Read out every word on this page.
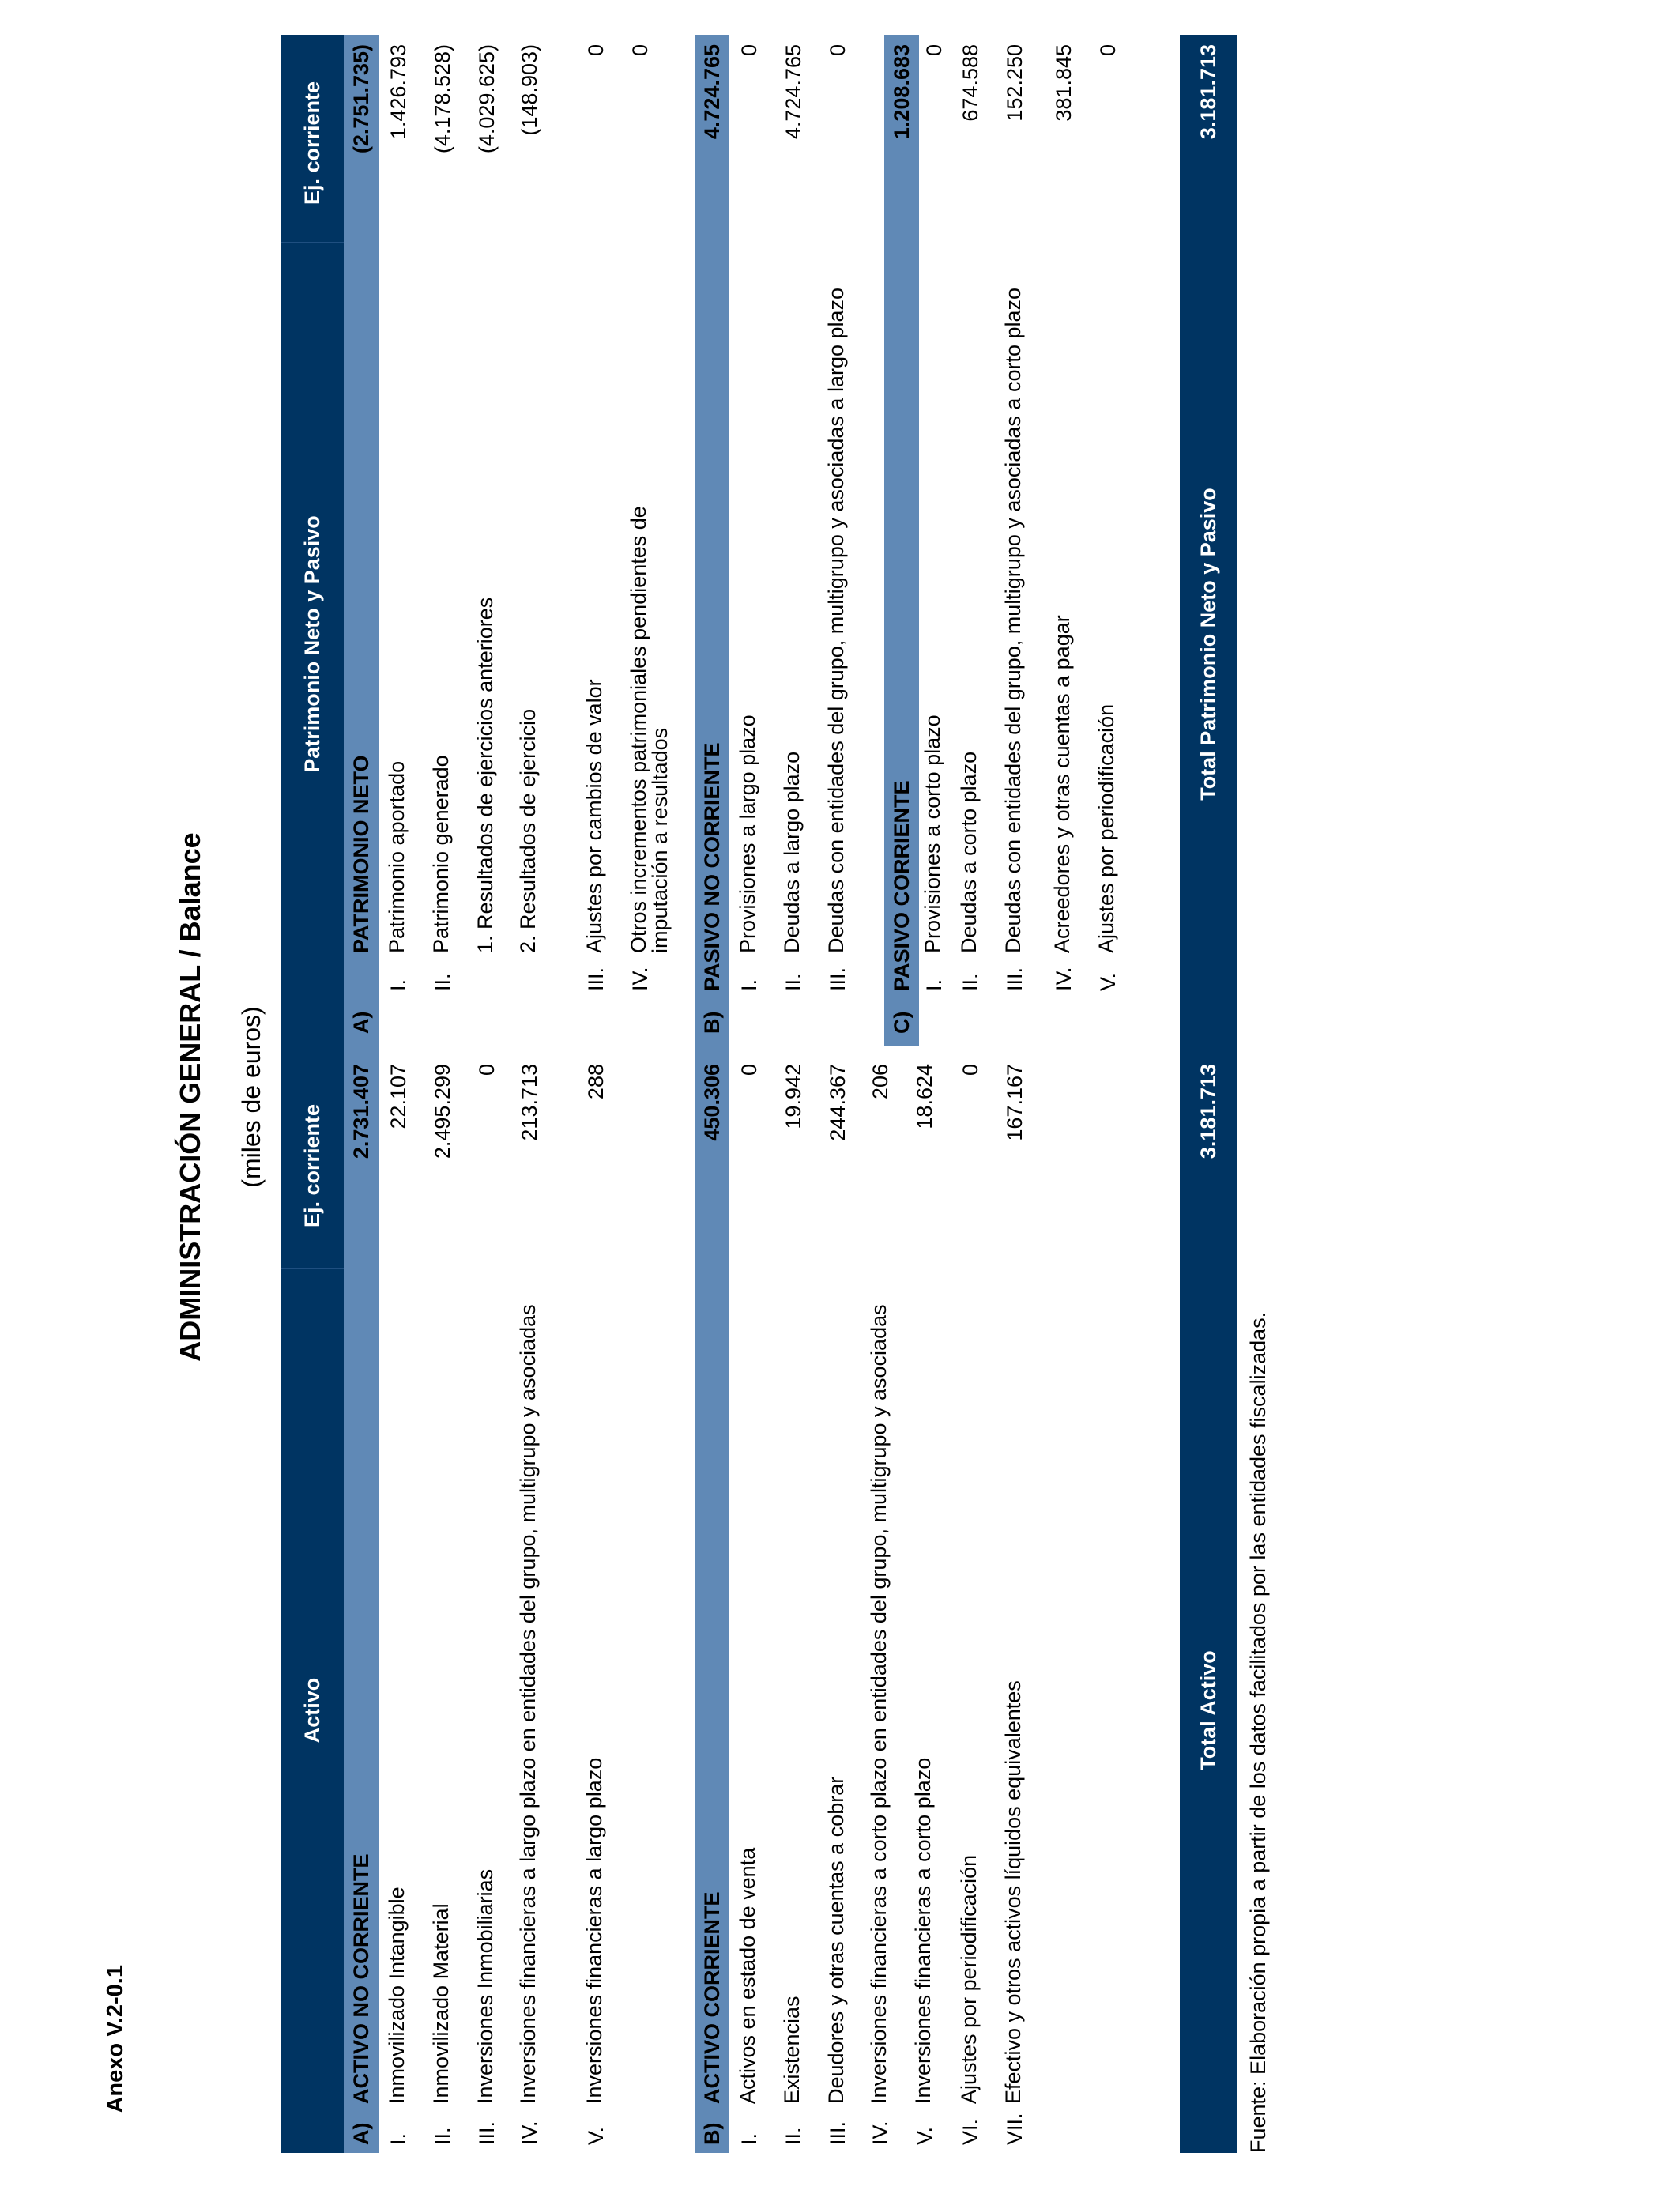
Anexo V.2-0.1
ADMINISTRACIÓN GENERAL / Balance (miles de euros)
Activo
Ej. corriente
A)
ACTIVO NO CORRIENTE
2.731.407
I.
Inmovilizado Intangible
22.107
II.
Inmovilizado Material
2.495.299
III.
Inversiones Inmobiliarias
0
IV.
Inversiones financieras a largo plazo en entidades del grupo, multigrupo y asociadas
213.713
V.
Inversiones financieras a largo plazo
288
B)
ACTIVO CORRIENTE
450.306
I.
Activos en estado de venta
0
II.
Existencias
19.942
III.
Deudores y otras cuentas a cobrar
244.367
IV.
Inversiones financieras a corto plazo en entidades del grupo, multigrupo y asociadas
206
V.
Inversiones financieras a corto plazo
18.624
VI.
Ajustes por periodificación
0
VII.
Efectivo y otros activos líquidos equivalentes
167.167
Total Activo
3.181.713
Patrimonio Neto y Pasivo
Ej. corriente
A)
PATRIMONIO NETO
(2.751.735)
I.
Patrimonio aportado
1.426.793
II.
Patrimonio generado
(4.178.528)
1. Resultados de ejercicios anteriores
(4.029.625)
2. Resultados de ejercicio
(148.903)
III.
Ajustes por cambios de valor
0
IV.
Otros incrementos patrimoniales pendientes de imputación a resultados
0
B)
PASIVO NO CORRIENTE
4.724.765
I.
Provisiones a largo plazo
0
II.
Deudas a largo plazo
4.724.765
III.
Deudas con entidades del grupo, multigrupo y asociadas a largo plazo
0
C)
PASIVO CORRIENTE
1.208.683
I.
Provisiones a corto plazo
0
II.
Deudas a corto plazo
674.588
III.
Deudas con entidades del grupo, multigrupo y asociadas a corto plazo
152.250
IV.
Acreedores y otras cuentas a pagar
381.845
V.
Ajustes por periodificación
0
Total Patrimonio Neto y Pasivo
3.181.713
Fuente: Elaboración propia a partir de los datos facilitados por las entidades fiscalizadas.
